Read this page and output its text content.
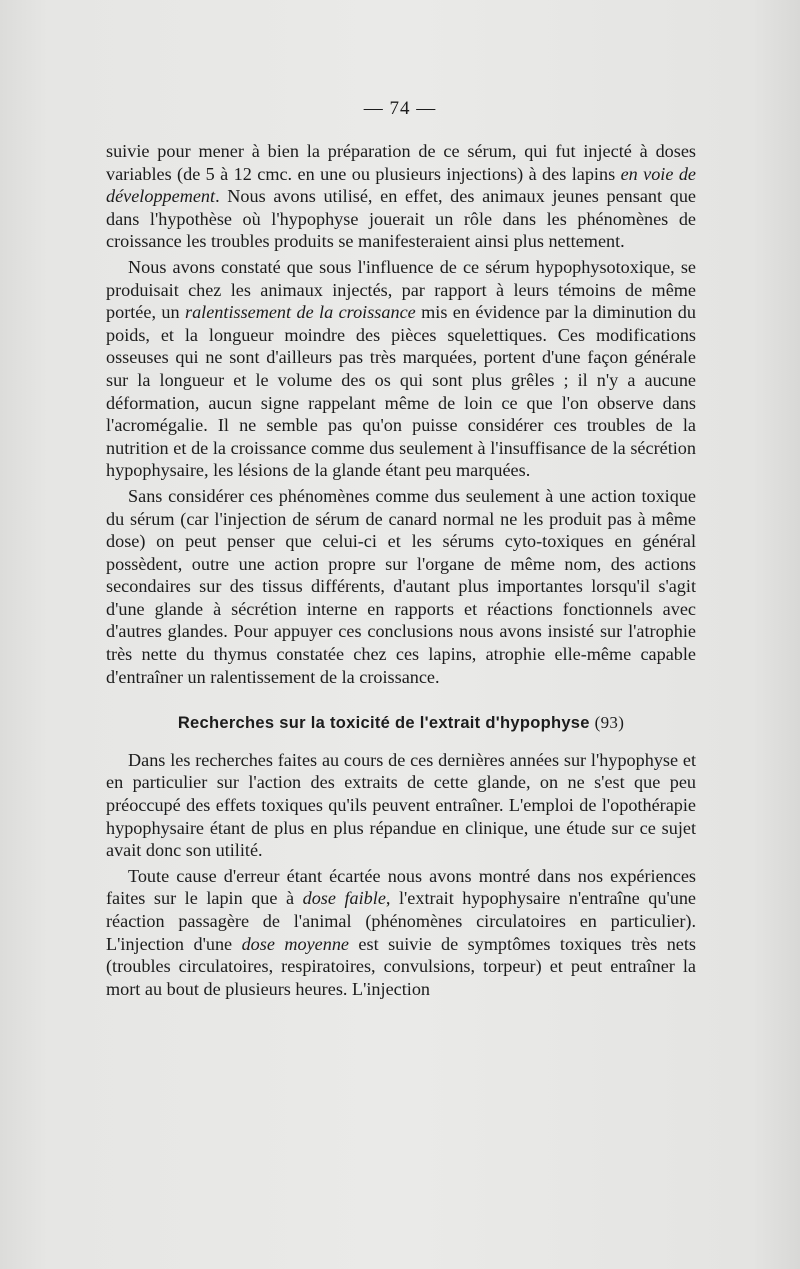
— 74 —

suivie pour mener à bien la préparation de ce sérum, qui fut injecté à doses variables (de 5 à 12 cmc. en une ou plusieurs injections) à des lapins en voie de développement. Nous avons utilisé, en effet, des animaux jeunes pensant que dans l'hypothèse où l'hypophyse jouerait un rôle dans les phénomènes de croissance les troubles produits se manifesteraient ainsi plus nettement.

Nous avons constaté que sous l'influence de ce sérum hypophysotoxique, se produisait chez les animaux injectés, par rapport à leurs témoins de même portée, un ralentissement de la croissance mis en évidence par la diminution du poids, et la longueur moindre des pièces squelettiques. Ces modifications osseuses qui ne sont d'ailleurs pas très marquées, portent d'une façon générale sur la longueur et le volume des os qui sont plus grêles ; il n'y a aucune déformation, aucun signe rappelant même de loin ce que l'on observe dans l'acromégalie. Il ne semble pas qu'on puisse considérer ces troubles de la nutrition et de la croissance comme dus seulement à l'insuffisance de la sécrétion hypophysaire, les lésions de la glande étant peu marquées.

Sans considérer ces phénomènes comme dus seulement à une action toxique du sérum (car l'injection de sérum de canard normal ne les produit pas à même dose) on peut penser que celui-ci et les sérums cyto-toxiques en général possèdent, outre une action propre sur l'organe de même nom, des actions secondaires sur des tissus différents, d'autant plus importantes lorsqu'il s'agit d'une glande à sécrétion interne en rapports et réactions fonctionnels avec d'autres glandes. Pour appuyer ces conclusions nous avons insisté sur l'atrophie très nette du thymus constatée chez ces lapins, atrophie elle-même capable d'entraîner un ralentissement de la croissance.

Recherches sur la toxicité de l'extrait d'hypophyse (93)

Dans les recherches faites au cours de ces dernières années sur l'hypophyse et en particulier sur l'action des extraits de cette glande, on ne s'est que peu préoccupé des effets toxiques qu'ils peuvent entraîner. L'emploi de l'opothérapie hypophysaire étant de plus en plus répandue en clinique, une étude sur ce sujet avait donc son utilité.

Toute cause d'erreur étant écartée nous avons montré dans nos expériences faites sur le lapin que à dose faible, l'extrait hypophysaire n'entraîne qu'une réaction passagère de l'animal (phénomènes circulatoires en particulier). L'injection d'une dose moyenne est suivie de symptômes toxiques très nets (troubles circulatoires, respiratoires, convulsions, torpeur) et peut entraîner la mort au bout de plusieurs heures. L'injection
